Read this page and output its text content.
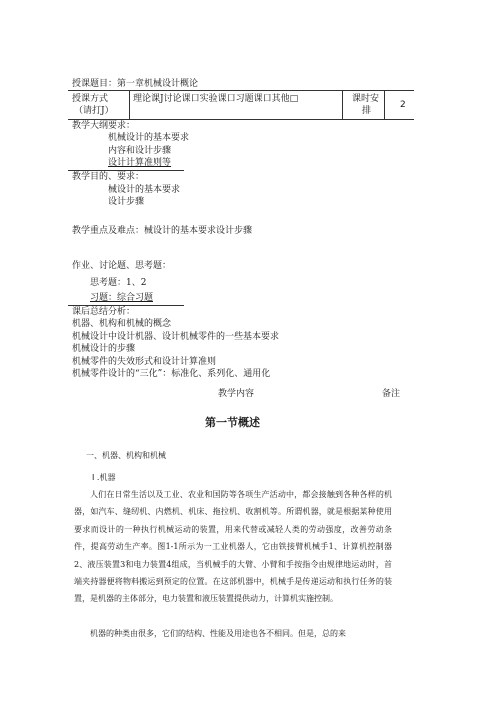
授课题目：第一章机械设计概论
授课方式
（请打J）
理论课J讨论课口实验课口习题课口其他□	课时安
排
2
教学大纲要求：
机械设计的基本要求
内容和设计步骤
设计计算准则等
教学目的、要求：
械设计的基本要求
设计步骤
教学重点及难点：械设计的基本要求设计步骤
作业、讨论题、思考题：
思考题：1、2
习题：综合习题
课后总结分析：
机器、机构和机械的概念
机械设计中设计机器、设计机械零件的一些基本要求
机械设计的步骤
机械零件的失效形式和设计计算准则
机械零件设计的“三化”：标准化、系列化、通用化
教学内容	备注
第一节概述
一、机器、机构和机械
Ⅰ .机器
人们在日常生活以及工业、农业和国防等各项生产活动中，都会接触到各种各样的机器，如汽车、缝纫机、内燃机、机床、拖拉机、收割机等。所谓机器，就是根据某种使用要求而设计的一种执行机械运动的装置，用来代替或减轻人类的劳动强度，改善劳动条件，提高劳动生产率。图1-1所示为一工业机器人，它由铁接臂机械手1、计算机控制器2、液压装置3和电力装置4组成，当机械手的大臂、小臂和手按指令由规律地运动时，首端夹持器便将物料搬运到预定的位置。在这部机器中，机械手是传递运动和执行任务的装置，是机器的主体部分，电力装置和液压装置提供动力，计算机实施控制。
机器的种类由很多，它们的结构、性能及用途也各不相同。但是，总的来
